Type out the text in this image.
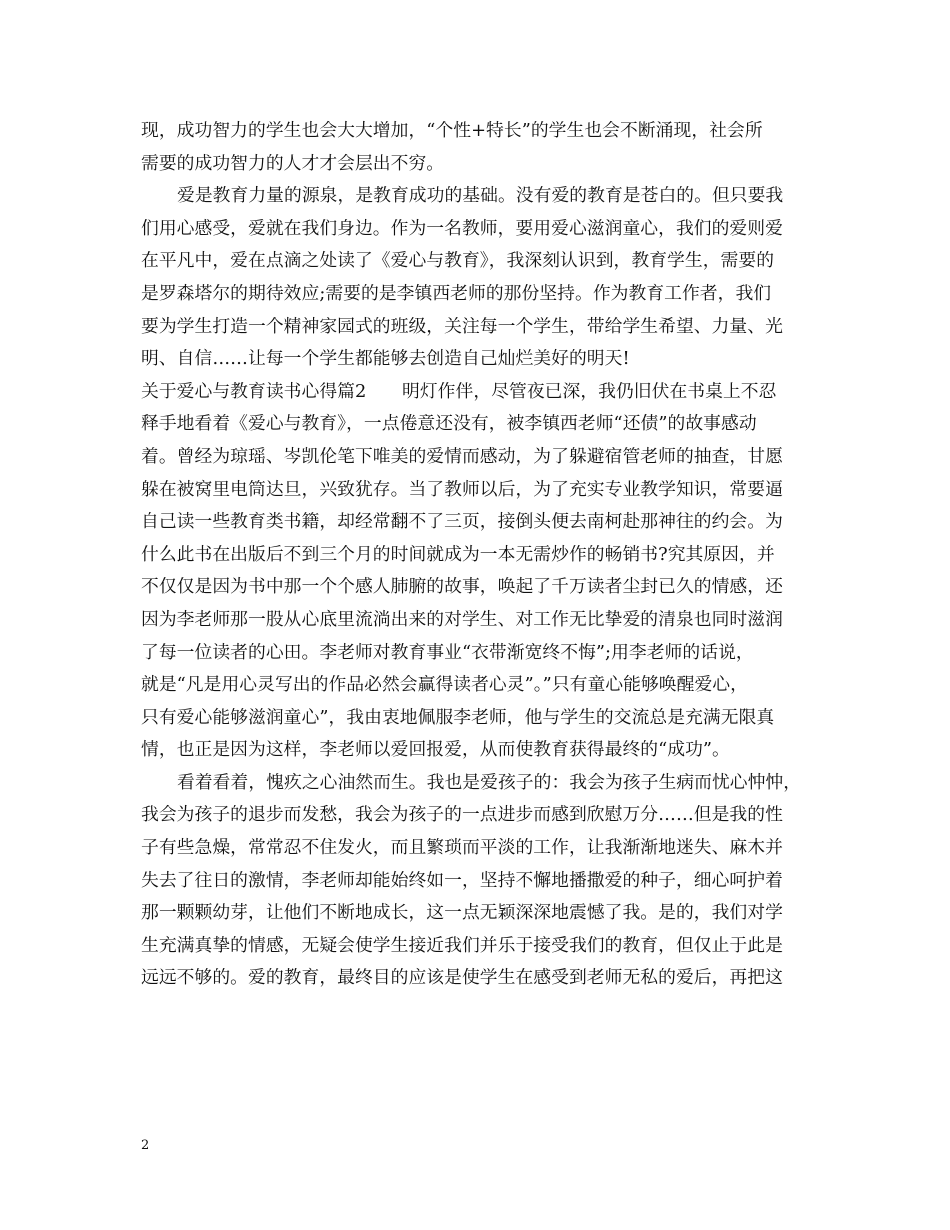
现，成功智力的学生也会大大增加，“个性+特长”的学生也会不断涌现，社会所
需要的成功智力的人才才会层出不穷。
爱是教育力量的源泉，是教育成功的基础。没有爱的教育是苍白的。但只要我
们用心感受，爱就在我们身边。作为一名教师，要用爱心滋润童心，我们的爱则爱
在平凡中，爱在点滴之处读了《爱心与教育》，我深刻认识到，教育学生，需要的
是罗森塔尔的期待效应;需要的是李镇西老师的那份坚持。作为教育工作者，我们
要为学生打造一个精神家园式的班级，关注每一个学生，带给学生希望、力量、光
明、自信……让每一个学生都能够去创造自己灿烂美好的明天!
关于爱心与教育读书心得篇2　　明灯作伴，尽管夜已深，我仍旧伏在书桌上不忍
释手地看着《爱心与教育》，一点倦意还没有，被李镇西老师“还债”的故事感动
着。曾经为琼瑶、岑凯伦笔下唯美的爱情而感动，为了躲避宿管老师的抽查，甘愿
躲在被窝里电筒达旦，兴致犹存。当了教师以后，为了充实专业教学知识，常要逼
自己读一些教育类书籍，却经常翻不了三页，接倒头便去南柯赴那神往的约会。为
什么此书在出版后不到三个月的时间就成为一本无需炒作的畅销书?究其原因，并
不仅仅是因为书中那一个个感人肺腑的故事，唤起了千万读者尘封已久的情感，还
因为李老师那一股从心底里流淌出来的对学生、对工作无比挚爱的清泉也同时滋润
了每一位读者的心田。李老师对教育事业“衣带渐宽终不悔”;用李老师的话说，
就是“凡是用心灵写出的作品必然会赢得读者心灵”。”只有童心能够唤醒爱心，
只有爱心能够滋润童心”，我由衷地佩服李老师，他与学生的交流总是充满无限真
情，也正是因为这样，李老师以爱回报爱，从而使教育获得最终的“成功”。
看着看着，愧疚之心油然而生。我也是爱孩子的：我会为孩子生病而忧心忡忡，
我会为孩子的退步而发愁，我会为孩子的一点进步而感到欣慰万分……但是我的性
子有些急燥，常常忍不住发火，而且繁琐而平淡的工作，让我渐渐地迷失、麻木并
失去了往日的激情，李老师却能始终如一，坚持不懈地播撒爱的种子，细心呵护着
那一颗颗幼芽，让他们不断地成长，这一点无颖深深地震憾了我。是的，我们对学
生充满真挚的情感，无疑会使学生接近我们并乐于接受我们的教育，但仅止于此是
远远不够的。爱的教育，最终目的应该是使学生在感受到老师无私的爱后，再把这
2
